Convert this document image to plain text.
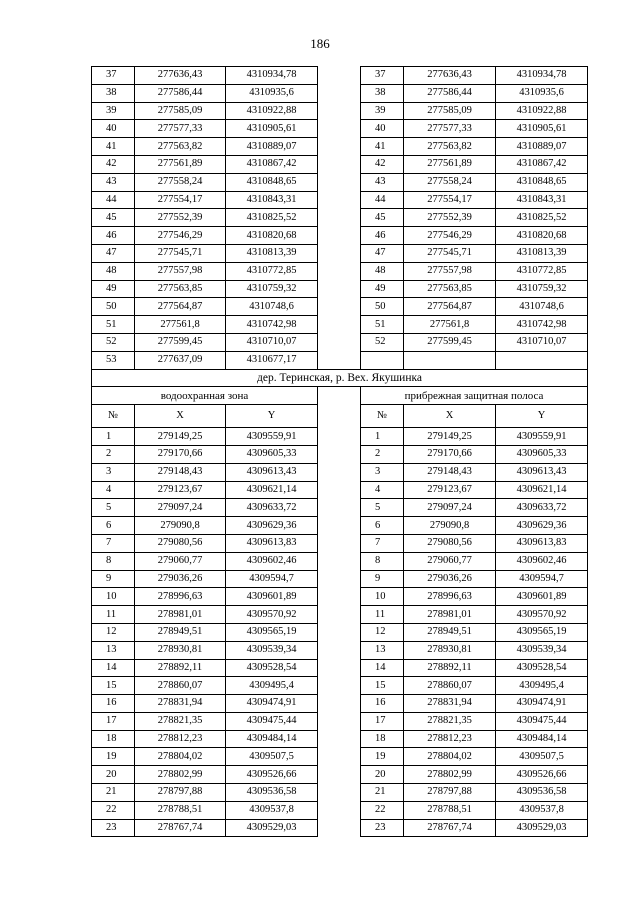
186
37	277636,43	4310934,78		37	277636,43	4310934,78
38	277586,44	4310935,6		38	277586,44	4310935,6
39	277585,09	4310922,88		39	277585,09	4310922,88
40	277577,33	4310905,61		40	277577,33	4310905,61
41	277563,82	4310889,07		41	277563,82	4310889,07
42	277561,89	4310867,42		42	277561,89	4310867,42
43	277558,24	4310848,65		43	277558,24	4310848,65
44	277554,17	4310843,31		44	277554,17	4310843,31
45	277552,39	4310825,52		45	277552,39	4310825,52
46	277546,29	4310820,68		46	277546,29	4310820,68
47	277545,71	4310813,39		47	277545,71	4310813,39
48	277557,98	4310772,85		48	277557,98	4310772,85
49	277563,85	4310759,32		49	277563,85	4310759,32
50	277564,87	4310748,6		50	277564,87	4310748,6
51	277561,8	4310742,98		51	277561,8	4310742,98
52	277599,45	4310710,07		52	277599,45	4310710,07
53	277637,09	4310677,17				
дер. Теринская, р. Вех. Якушинка						
водоохранная зона				прибрежная защитная полоса		
№	X	Y		№	X	Y
1	279149,25	4309559,91		1	279149,25	4309559,91
2	279170,66	4309605,33		2	279170,66	4309605,33
3	279148,43	4309613,43		3	279148,43	4309613,43
4	279123,67	4309621,14		4	279123,67	4309621,14
5	279097,24	4309633,72		5	279097,24	4309633,72
6	279090,8	4309629,36		6	279090,8	4309629,36
7	279080,56	4309613,83		7	279080,56	4309613,83
8	279060,77	4309602,46		8	279060,77	4309602,46
9	279036,26	4309594,7		9	279036,26	4309594,7
10	278996,63	4309601,89		10	278996,63	4309601,89
11	278981,01	4309570,92		11	278981,01	4309570,92
12	278949,51	4309565,19		12	278949,51	4309565,19
13	278930,81	4309539,34		13	278930,81	4309539,34
14	278892,11	4309528,54		14	278892,11	4309528,54
15	278860,07	4309495,4		15	278860,07	4309495,4
16	278831,94	4309474,91		16	278831,94	4309474,91
17	278821,35	4309475,44		17	278821,35	4309475,44
18	278812,23	4309484,14		18	278812,23	4309484,14
19	278804,02	4309507,5		19	278804,02	4309507,5
20	278802,99	4309526,66		20	278802,99	4309526,66
21	278797,88	4309536,58		21	278797,88	4309536,58
22	278788,51	4309537,8		22	278788,51	4309537,8
23	278767,74	4309529,03		23	278767,74	4309529,03
